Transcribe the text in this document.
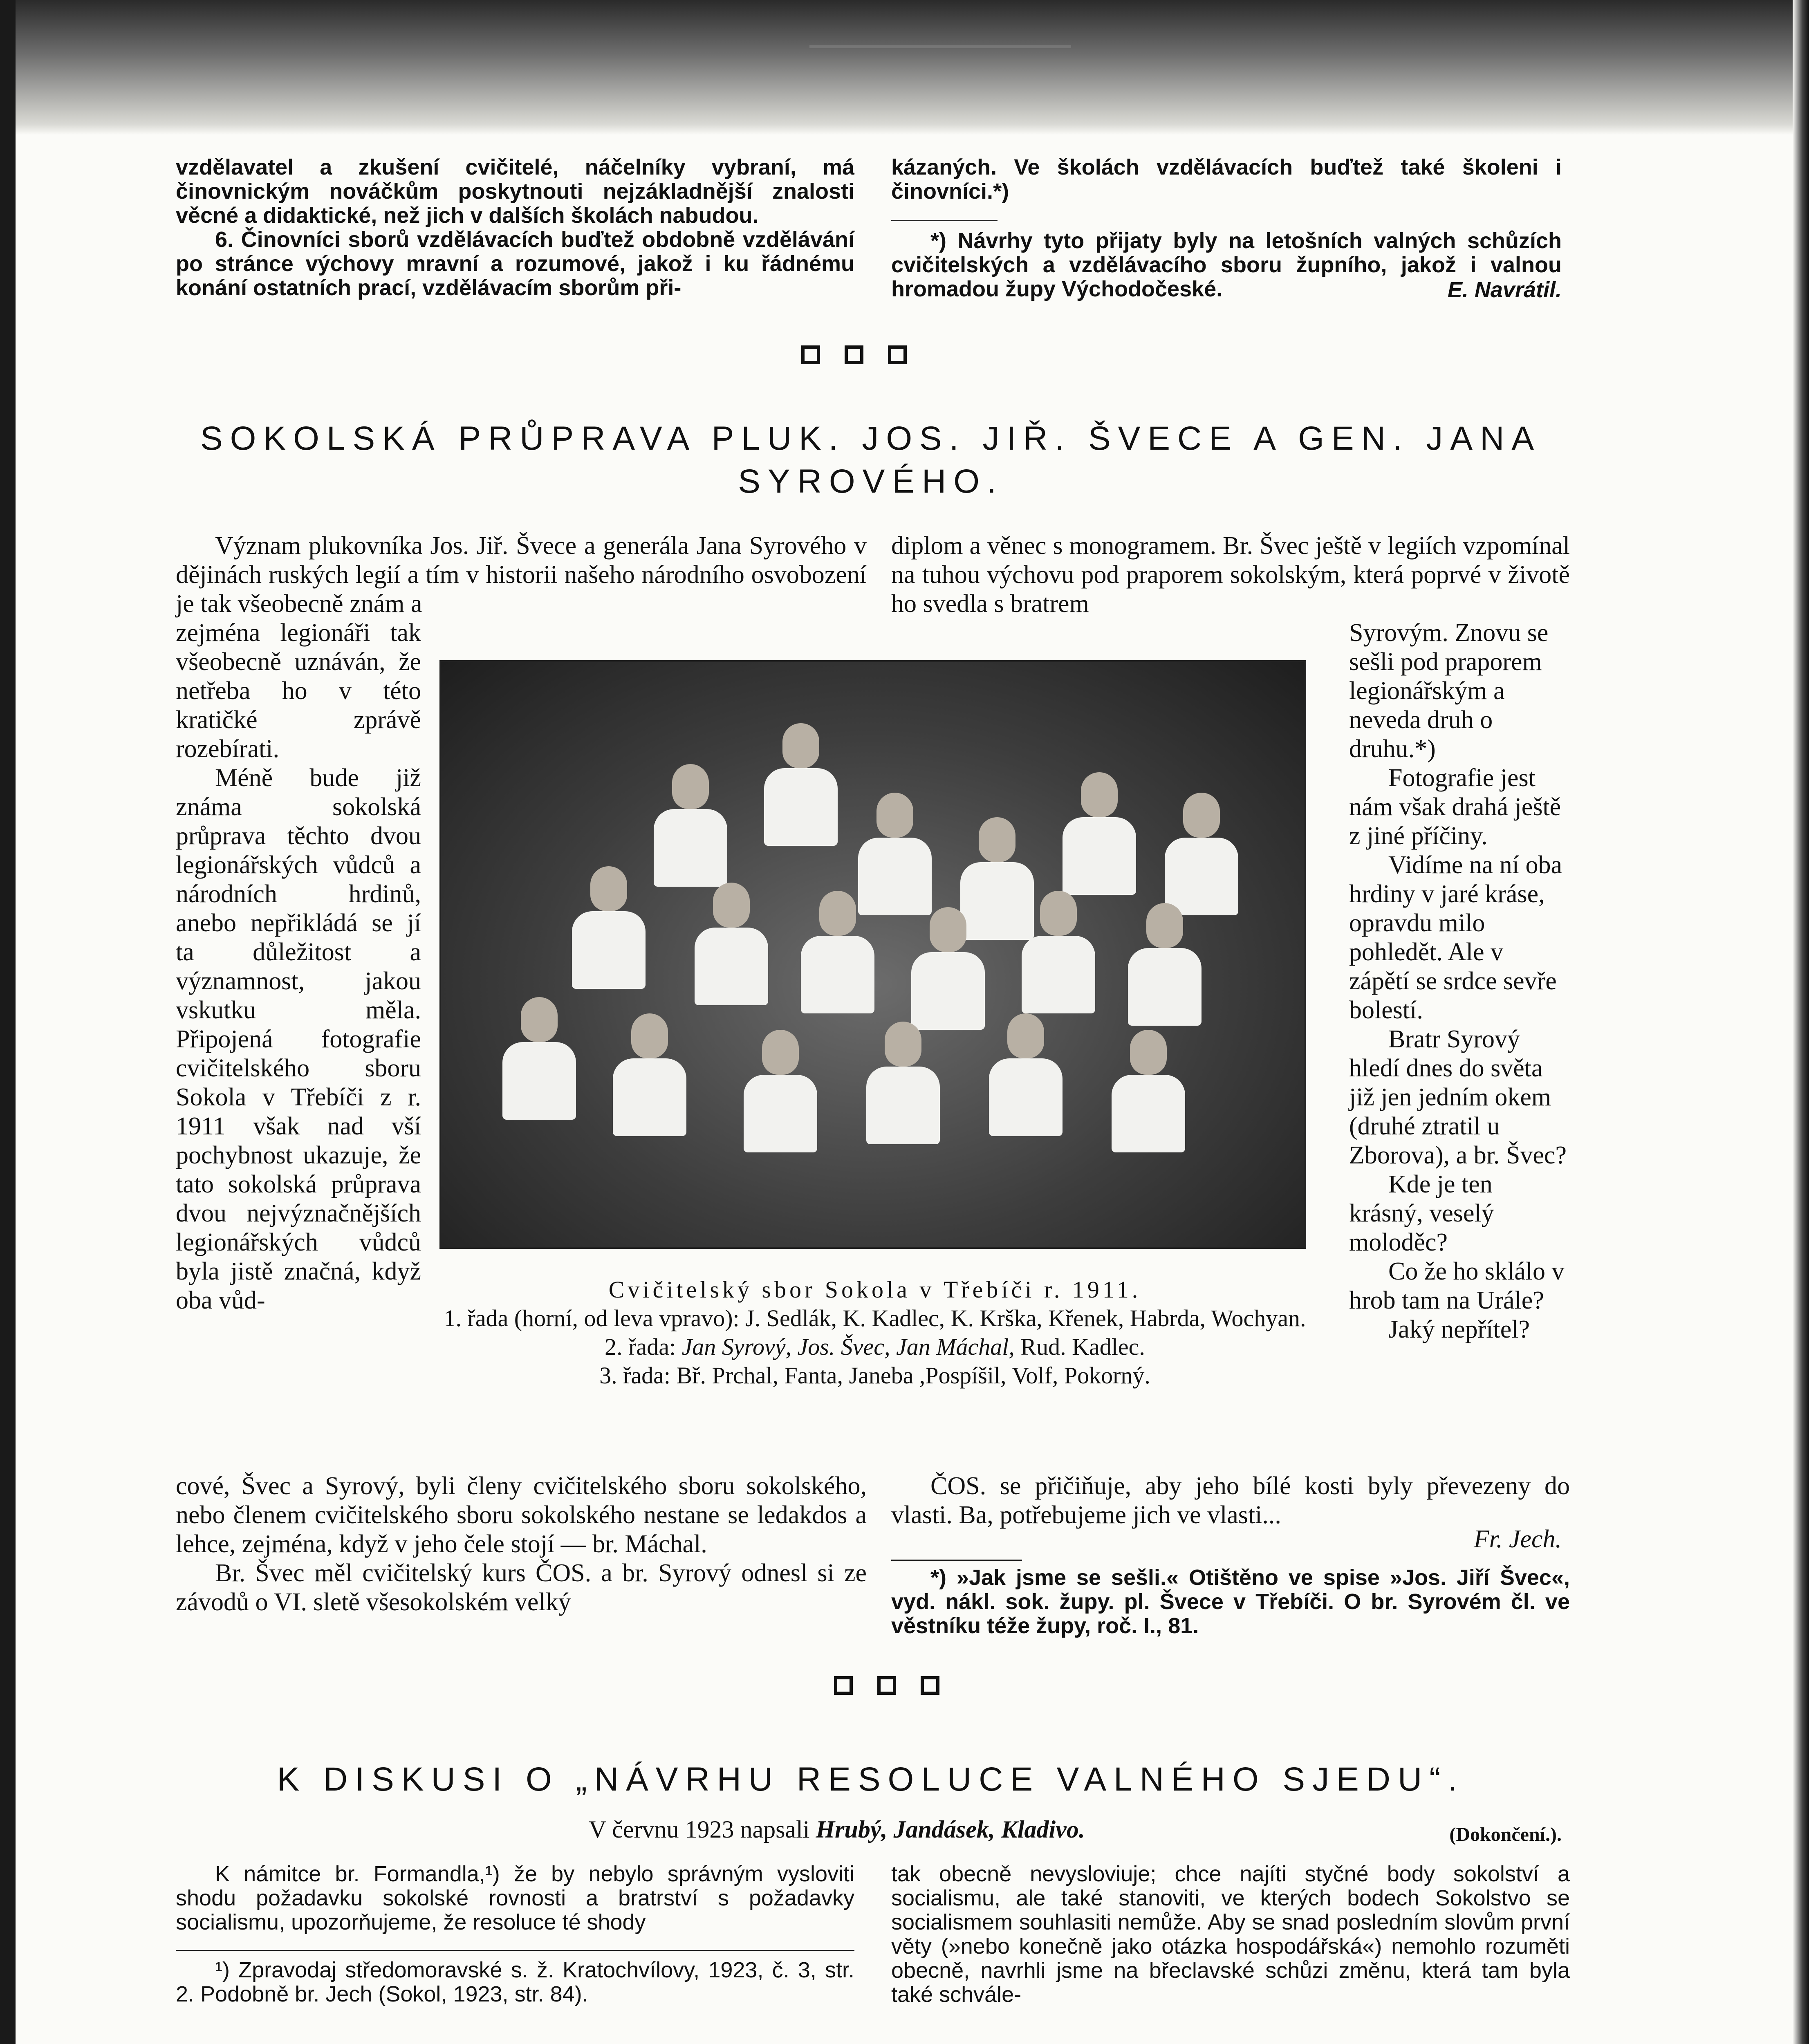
vzdělavatel a zkušení cvičitelé, náčelníky vybraní, má činovnickým nováčkům poskytnouti nejzákladnější znalosti věcné a didaktické, než jich v dalších školách nabudou.

6. Činovníci sborů vzdělávacích buďtež obdobně vzdělávání po stránce výchovy mravní a rozumové, jakož i ku řádnému konání ostatních prací, vzdělávacím sborům při-

kázaných. Ve školách vzdělávacích buďtež také školeni i činovníci.*)

*) Návrhy tyto přijaty byly na letošních valných schůzích cvičitelských a vzdělávacího sboru župního, jakož i valnou hromadou župy Východočeské.	E. Navrátil.
SOKOLSKÁ PRŮPRAVA PLUK. JOS. JIŘ. ŠVECE A GEN. JANA SYROVÉHO.

Význam plukovníka Jos. Jiř. Švece a generála Jana Syrového v dějinách ruských legií a tím v historii našeho národního osvobození je tak všeobecně znám a

zejména legionáři tak všeobecně uznáván, že netřeba ho v této kratičké zprávě rozebírati.

Méně bude již známa sokolská průprava těchto dvou legionářských vůdců a národních hrdinů, anebo nepřikládá se jí ta důležitost a významnost, jakou vskutku měla. Připojená fotografie cvičitelského sboru Sokola v Třebíči z r. 1911 však nad vší pochybnost ukazuje, že tato sokolská průprava dvou nejvýznačnějších legionářských vůdců byla jistě značná, když oba vůd-

cové, Švec a Syrový, byli členy cvičitelského sboru sokolského, nebo členem cvičitelského sboru sokolského nestane se ledakdos a lehce, zejména, když v jeho čele stojí — br. Máchal.

Br. Švec měl cvičitelský kurs ČOS. a br. Syrový odnesl si ze závodů o VI. sletě všesokolském velký

diplom a věnec s monogramem. Br. Švec ještě v legiích vzpomínal na tuhou výchovu pod praporem sokolským, která poprvé v životě ho svedla s bratrem

Syrovým. Znovu se sešli pod praporem legionářským a neveda druh o druhu.*)

Fotografie jest nám však drahá ještě z jiné příčiny.

Vidíme na ní oba hrdiny v jaré kráse, opravdu milo pohledět. Ale v zápětí se srdce sevře bolestí.

Bratr Syrový hledí dnes do světa již jen jedním okem (druhé ztratil u Zborova), a br. Švec?

Kde je ten krásný, veselý moloděc?

Co že ho sklálo v hrob tam na Urále?

Jaký nepřítel?

ČOS. se přičiňuje, aby jeho bílé kosti byly převezeny do vlasti. Ba, potřebujeme jich ve vlasti...

Fr. Jech.

*) »Jak jsme se sešli.« Otištěno ve spise »Jos. Jiří Švec«, vyd. nákl. sok. župy. pl. Švece v Třebíči. O br. Syrovém čl. ve věstníku téže župy, roč. I., 81.

Cvičitelský sbor Sokola v Třebíči r. 1911.

1. řada (horní, od leva vpravo): J. Sedlák, K. Kadlec, K. Krška, Křenek, Habrda, Wochyan.

2. řada: Jan Syrový, Jos. Švec, Jan Máchal, Rud. Kadlec.

3. řada: Bř. Prchal, Fanta, Janeba ,Pospíšil, Volf, Pokorný.

K DISKUSI O „NÁVRHU RESOLUCE VALNÉHO SJEDU“.
V červnu 1923 napsali Hrubý, Jandásek, Kladivo.	(Dokončení.).

K námitce br. Formandla,¹) že by nebylo správným vysloviti shodu požadavku sokolské rovnosti a bratrství s požadavky socialismu, upozorňujeme, že resoluce té shody

¹) Zpravodaj středomoravské s. ž. Kratochvílovy, 1923, č. 3, str. 2. Podobně br. Jech (Sokol, 1923, str. 84).

tak obecně nevysloviuje; chce najíti styčné body sokolství a socialismu, ale také stanoviti, ve kterých bodech Sokolstvo se socialismem souhlasiti nemůže. Aby se snad posledním slovům první věty (»nebo konečně jako otázka hospodářská«) nemohlo rozuměti obecně, navrhli jsme na břeclavské schůzi změnu, která tam byla také schvále-
